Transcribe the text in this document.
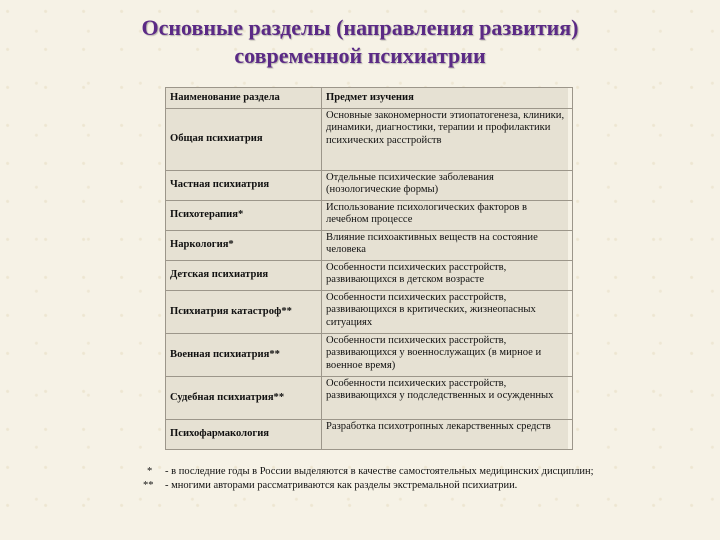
Основные разделы (направления развития)
современной психиатрии
Наименование раздела	Предмет изучения
Общая психиатрия	Основные закономерности этиопатогенеза, клиники, динамики, диагностики, терапии и профилактики психических расстройств
Частная психиатрия	Отдельные психические заболевания (нозологические формы)
Психотерапия*	Использование психологических факторов в лечебном процессе
Наркология*	Влияние психоактивных веществ на состояние человека
Детская психиатрия	Особенности психических расстройств, развивающихся в детском возрасте
Психиатрия катастроф**	Особенности психических расстройств, развивающихся в критических, жизнеопасных ситуациях
Военная психиатрия**	Особенности психических расстройств, развивающихся у военнослужащих (в мирное и военное время)
Судебная психиатрия**	Особенности психических расстройств, развивающихся у подследственных и осужденных
Психофармакология	Разработка психотропных лекарственных средств
* - в последние годы в России выделяются в качестве самостоятельных медицинских дисциплин;
** - многими авторами рассматриваются как разделы экстремальной психиатрии.
